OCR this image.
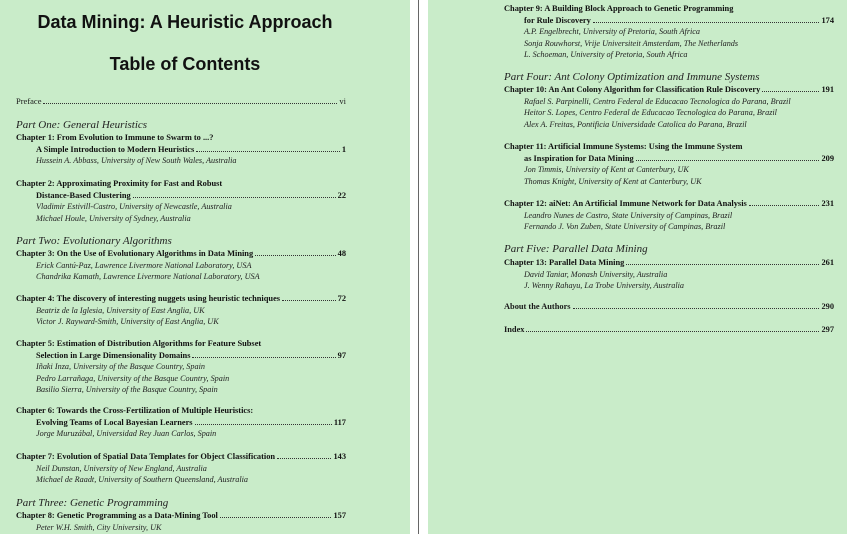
Data Mining: A Heuristic Approach
Table of Contents
Preface	vi
Part One: General Heuristics
Chapter 1: From Evolution to Immune to Swarm to ...?
A Simple Introduction to Modern Heuristics	1
Hussein A. Abbass, University of New South Wales, Australia
Chapter 2: Approximating Proximity for Fast and Robust
Distance-Based Clustering	22
Vladimir Estivill-Castro, University of Newcastle, Australia
Michael Houle, University of Sydney, Australia
Part Two: Evolutionary Algorithms
Chapter 3: On the Use of Evolutionary Algorithms in Data Mining	48
Erick Cantú-Paz, Lawrence Livermore National Laboratory, USA
Chandrika Kamath, Lawrence Livermore National Laboratory, USA
Chapter 4: The discovery of interesting nuggets using heuristic techniques	72
Beatriz de la Iglesia, University of East Anglia, UK
Victor J. Rayward-Smith, University of East Anglia, UK
Chapter 5: Estimation of Distribution Algorithms for Feature Subset
Selection in Large Dimensionality Domains	97
Iñaki Inza, University of the Basque Country, Spain
Pedro Larrañaga, University of the Basque Country, Spain
Basilio Sierra, University of the Basque Country, Spain
Chapter 6: Towards the Cross-Fertilization of Multiple Heuristics:
Evolving Teams of Local Bayesian Learners	117
Jorge Muruzábal, Universidad Rey Juan Carlos, Spain
Chapter 7: Evolution of Spatial Data Templates for Object Classification	143
Neil Dunstan, University of New England, Australia
Michael de Raadt, University of Southern Queensland, Australia
Part Three: Genetic Programming
Chapter 8: Genetic Programming as a Data-Mining Tool	157
Peter W.H. Smith, City University, UK
Chapter 9: A Building Block Approach to Genetic Programming
for Rule Discovery	174
A.P. Engelbrecht, University of Pretoria, South Africa
Sonja Rouwhorst, Vrije Universiteit Amsterdam, The Netherlands
L. Schoeman, University of Pretoria, South Africa
Part Four: Ant Colony Optimization and Immune Systems
Chapter 10: An Ant Colony Algorithm for Classification Rule Discovery	191
Rafael S. Parpinelli, Centro Federal de Educacao Tecnologica do Parana, Brazil
Heitor S. Lopes, Centro Federal de Educacao Tecnologica do Parana, Brazil
Alex A. Freitas, Pontificia Universidade Catolica do Parana, Brazil
Chapter 11: Artificial Immune Systems: Using the Immune System
as Inspiration for Data Mining	209
Jon Timmis, University of Kent at Canterbury, UK
Thomas Knight, University of Kent at Canterbury, UK
Chapter 12: aiNet: An Artificial Immune Network for Data Analysis	231
Leandro Nunes de Castro, State University of Campinas, Brazil
Fernando J. Von Zuben, State University of Campinas, Brazil
Part Five: Parallel Data Mining
Chapter 13: Parallel Data Mining	261
David Taniar, Monash University, Australia
J. Wenny Rahayu, La Trobe University, Australia
About the Authors	290
Index	297
